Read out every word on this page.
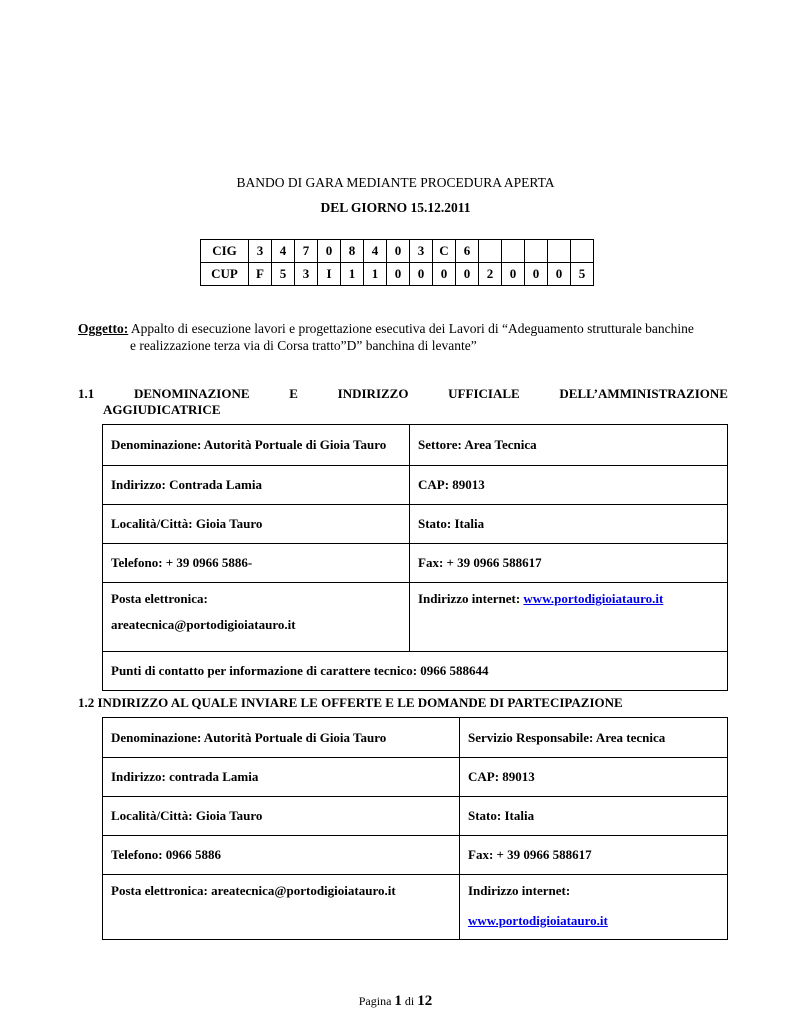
BANDO DI GARA MEDIANTE PROCEDURA APERTA
DEL GIORNO 15.12.2011
CIG	3	4	7	0	8	4	0	3	C	6					
CUP	F	5	3	I	1	1	0	0	0	0	2	0	0	0	5
Oggetto: Appalto di esecuzione lavori e progettazione esecutiva dei Lavori di “Adeguamento strutturale banchine
e realizzazione terza via di Corsa tratto”D” banchina di levante”
1.1	DENOMINAZIONE	E	INDIRIZZO	UFFICIALE	DELL’AMMINISTRAZIONE
AGGIUDICATRICE
Denominazione: Autorità Portuale di Gioia Tauro	Settore: Area Tecnica
Indirizzo: Contrada Lamia	CAP: 89013
Località/Città: Gioia Tauro	Stato: Italia
Telefono: + 39 0966 5886-	Fax: + 39 0966 588617

Posta elettronica:
areatecnica@portodigioiatauro.it	Indirizzo internet: www.portodigioiatauro.it
Punti di contatto per informazione di carattere tecnico: 0966 588644	
1.2 INDIRIZZO AL QUALE INVIARE LE OFFERTE E LE DOMANDE DI PARTECIPAZIONE
Denominazione: Autorità Portuale di Gioia Tauro	Servizio Responsabile: Area tecnica
Indirizzo: contrada Lamia	CAP: 89013
Località/Città: Gioia Tauro	Stato: Italia
Telefono: 0966 5886	Fax: + 39 0966 588617
Posta elettronica: areatecnica@portodigioiatauro.it	Indirizzo internet:
www.portodigioiatauro.it
Pagina 1 di 12
